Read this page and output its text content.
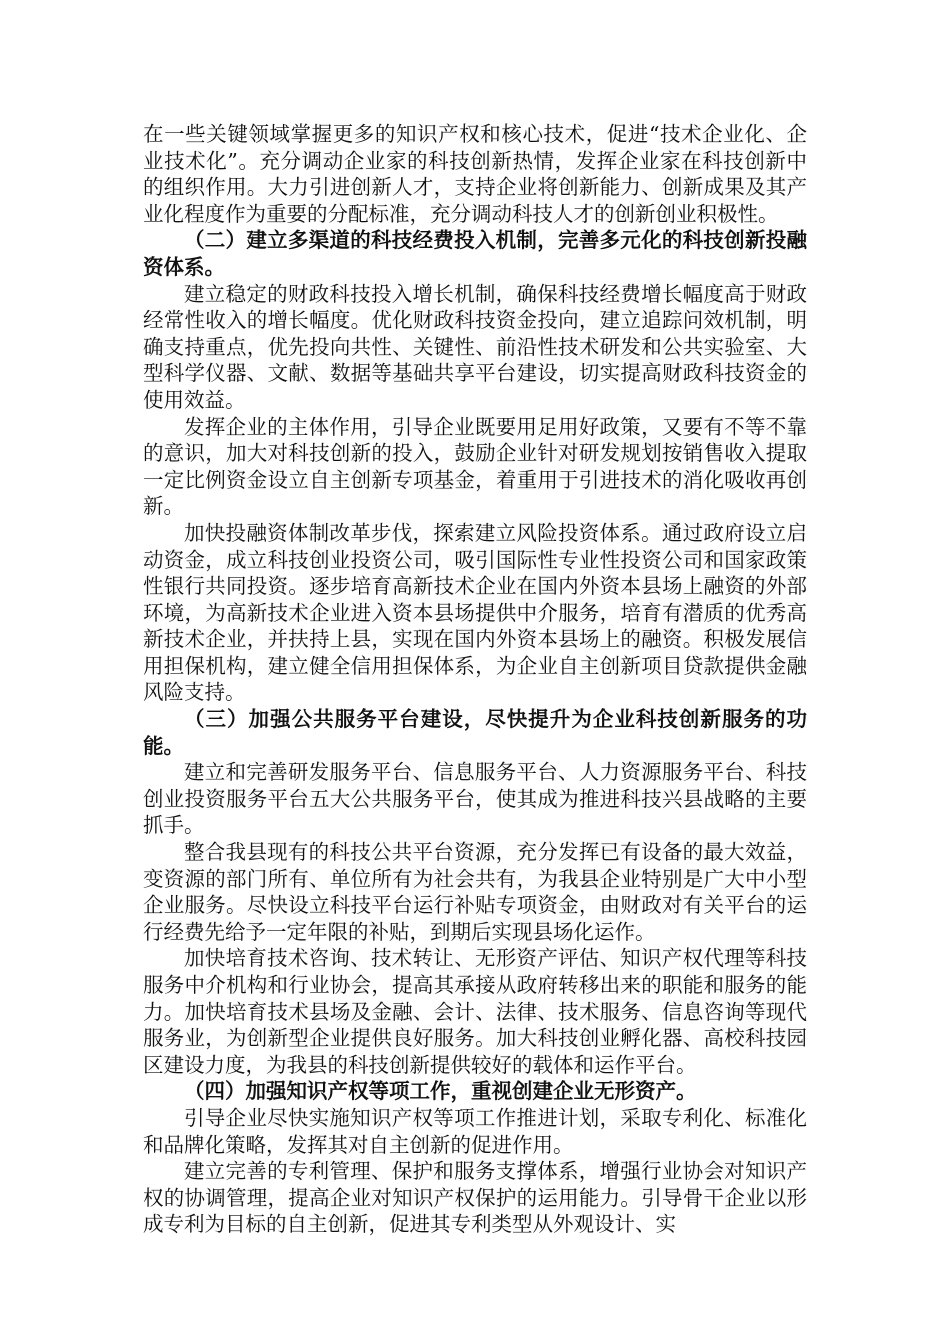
在一些关键领域掌握更多的知识产权和核心技术，促进“技术企业化、企业技术化”。充分调动企业家的科技创新热情，发挥企业家在科技创新中的组织作用。大力引进创新人才，支持企业将创新能力、创新成果及其产业化程度作为重要的分配标准，充分调动科技人才的创新创业积极性。

（二）建立多渠道的科技经费投入机制，完善多元化的科技创新投融资体系。

建立稳定的财政科技投入增长机制，确保科技经费增长幅度高于财政经常性收入的增长幅度。优化财政科技资金投向，建立追踪问效机制，明确支持重点，优先投向共性、关键性、前沿性技术研发和公共实验室、大型科学仪器、文献、数据等基础共享平台建设，切实提高财政科技资金的使用效益。

发挥企业的主体作用，引导企业既要用足用好政策，又要有不等不靠的意识，加大对科技创新的投入，鼓励企业针对研发规划按销售收入提取一定比例资金设立自主创新专项基金，着重用于引进技术的消化吸收再创新。

加快投融资体制改革步伐，探索建立风险投资体系。通过政府设立启动资金，成立科技创业投资公司，吸引国际性专业性投资公司和国家政策性银行共同投资。逐步培育高新技术企业在国内外资本县场上融资的外部环境，为高新技术企业进入资本县场提供中介服务，培育有潜质的优秀高新技术企业，并扶持上县，实现在国内外资本县场上的融资。积极发展信用担保机构，建立健全信用担保体系，为企业自主创新项目贷款提供金融风险支持。

（三）加强公共服务平台建设，尽快提升为企业科技创新服务的功能。

建立和完善研发服务平台、信息服务平台、人力资源服务平台、科技创业投资服务平台五大公共服务平台，使其成为推进科技兴县战略的主要抓手。

整合我县现有的科技公共平台资源，充分发挥已有设备的最大效益，变资源的部门所有、单位所有为社会共有，为我县企业特别是广大中小型企业服务。尽快设立科技平台运行补贴专项资金，由财政对有关平台的运行经费先给予一定年限的补贴，到期后实现县场化运作。

加快培育技术咨询、技术转让、无形资产评估、知识产权代理等科技服务中介机构和行业协会，提高其承接从政府转移出来的职能和服务的能力。加快培育技术县场及金融、会计、法律、技术服务、信息咨询等现代服务业，为创新型企业提供良好服务。加大科技创业孵化器、高校科技园区建设力度，为我县的科技创新提供较好的载体和运作平台。

（四）加强知识产权等项工作，重视创建企业无形资产。

引导企业尽快实施知识产权等项工作推进计划，采取专利化、标准化和品牌化策略，发挥其对自主创新的促进作用。

建立完善的专利管理、保护和服务支撑体系，增强行业协会对知识产权的协调管理，提高企业对知识产权保护的运用能力。引导骨干企业以形成专利为目标的自主创新，促进其专利类型从外观设计、实
